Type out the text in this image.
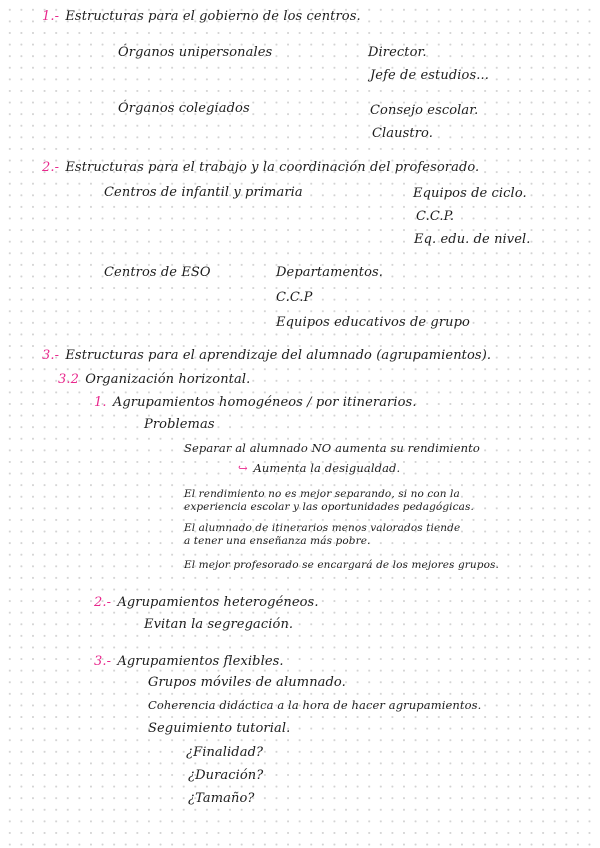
1.- Estructuras para el gobierno de los centros.
Órganos unipersonales	Director.
Jefe de estudios...
Órganos colegiados	Consejo escolar.
Claustro.
2.- Estructuras para el trabajo y la coordinación del profesorado.
Centros de infantil y primaria	Equipos de ciclo.
C.C.P.
Eq. edu. de nivel.
Centros de ESO	Departamentos.
C.C.P
Equipos educativos de grupo
3.- Estructuras para el aprendizaje del alumnado (agrupamientos).
3.2 Organización horizontal.
1. Agrupamientos homogéneos / por itinerarios.
Problemas
Separar al alumnado NO aumenta su rendimiento
↪ Aumenta la desigualdad.
El rendimiento no es mejor separando, si no con la
experiencia escolar y las oportunidades pedagógicas.
El alumnado de itinerarios menos valorados tiende
a tener una enseñanza más pobre.
El mejor profesorado se encargará de los mejores grupos.
2.- Agrupamientos heterogéneos.
Evitan la segregación.
3.- Agrupamientos flexibles.
Grupos móviles de alumnado.
Coherencia didáctica a la hora de hacer agrupamientos.
Seguimiento tutorial.
¿Finalidad?
¿Duración?
¿Tamaño?
